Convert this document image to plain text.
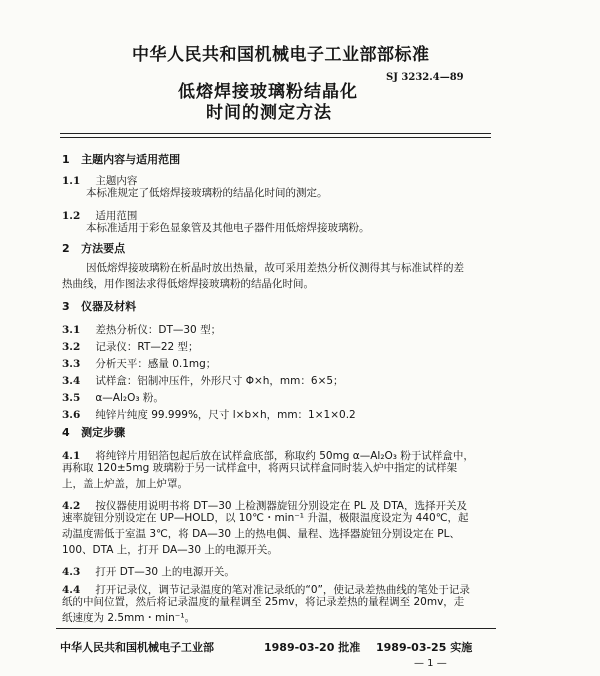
中华人民共和国机械电子工业部部标准
低熔焊接玻璃粉结晶化
时间的测定方法
SJ 3232.4—89
1 主题内容与适用范围
1.1 主题内容
本标准规定了低熔焊接玻璃粉的结晶化时间的测定。
1.2 适用范围
本标准适用于彩色显象管及其他电子器件用低熔焊接玻璃粉。
2 方法要点
因低熔焊接玻璃粉在析晶时放出热量，故可采用差热分析仪测得其与标准试样的差
热曲线，用作图法求得低熔焊接玻璃粉的结晶化时间。
3 仪器及材料
3.1 差热分析仪：DT—30 型；
3.2 记录仪：RT—22 型；
3.3 分析天平：感量 0.1mg；
3.4 试样盒：铝制冲压件，外形尺寸 Φ×h，mm：6×5；
3.5 α—Al₂O₃ 粉。
3.6 纯锌片纯度 99.999%，尺寸 l×b×h，mm：1×1×0.2
4 测定步骤
4.1 将纯锌片用铝箔包起后放在试样盒底部，称取约 50mg α—Al₂O₃ 粉于试样盒中，
再称取 120±5mg 玻璃粉于另一试样盒中，将两只试样盒同时装入炉中指定的试样架
上，盖上炉盖，加上炉罩。
4.2 按仪器使用说明书将 DT—30 上检测器旋钮分别设定在 PL 及 DTA，选择开关及
速率旋钮分别设定在 UP—HOLD，以 10℃・min⁻¹ 升温，极限温度设定为 440℃，起
动温度需低于室温 3℃，将 DA—30 上的热电偶、量程、选择器旋钮分别设定在 PL、
100、DTA 上，打开 DA—30 上的电源开关。
4.3 打开 DT—30 上的电源开关。
4.4 打开记录仪，调节记录温度的笔对准记录纸的“0”，使记录差热曲线的笔处于记录
纸的中间位置，然后将记录温度的量程调至 25mv，将记录差热的量程调至 20mv，走
纸速度为 2.5mm・min⁻¹。
中华人民共和国机械电子工业部	1989-03-20 批准 1989-03-25 实施
— 1 —
